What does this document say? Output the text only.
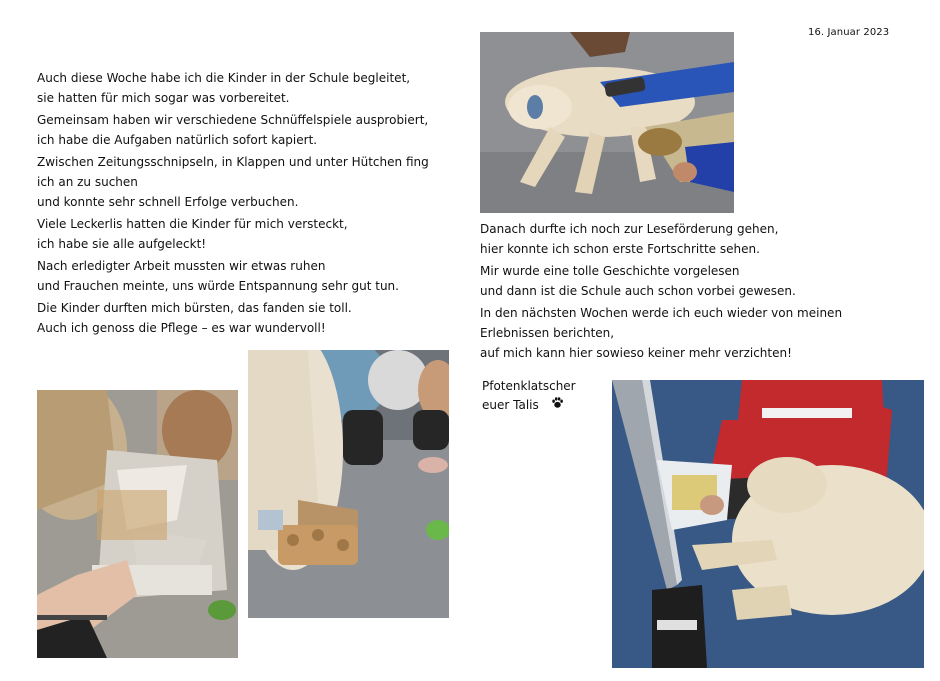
16. Januar 2023

Auch diese Woche habe ich die Kinder in der Schule begleitet,

sie hatten für mich sogar was vorbereitet.

Gemeinsam haben wir verschiedene Schnüffelspiele ausprobiert,

ich habe die Aufgaben natürlich sofort kapiert.

Zwischen Zeitungsschnipseln, in Klappen und unter Hütchen fing ich an zu suchen

und konnte sehr schnell Erfolge verbuchen.

Viele Leckerlis hatten die Kinder für mich versteckt,

ich habe sie alle aufgeleckt!

Nach erledigter Arbeit mussten wir etwas ruhen

und Frauchen meinte, uns würde Entspannung sehr gut tun.

Die Kinder durften mich bürsten, das fanden sie toll.

Auch ich genoss die Pflege – es war wundervoll!

Danach durfte ich noch zur Leseförderung gehen,

hier konnte ich schon erste Fortschritte sehen.

Mir wurde eine tolle Geschichte vorgelesen

und dann ist die Schule auch schon vorbei gewesen.

In den nächsten Wochen werde ich euch wieder von meinen Erlebnissen berichten,

auf mich kann hier sowieso keiner mehr verzichten!

Pfotenklatscher
euer Talis
